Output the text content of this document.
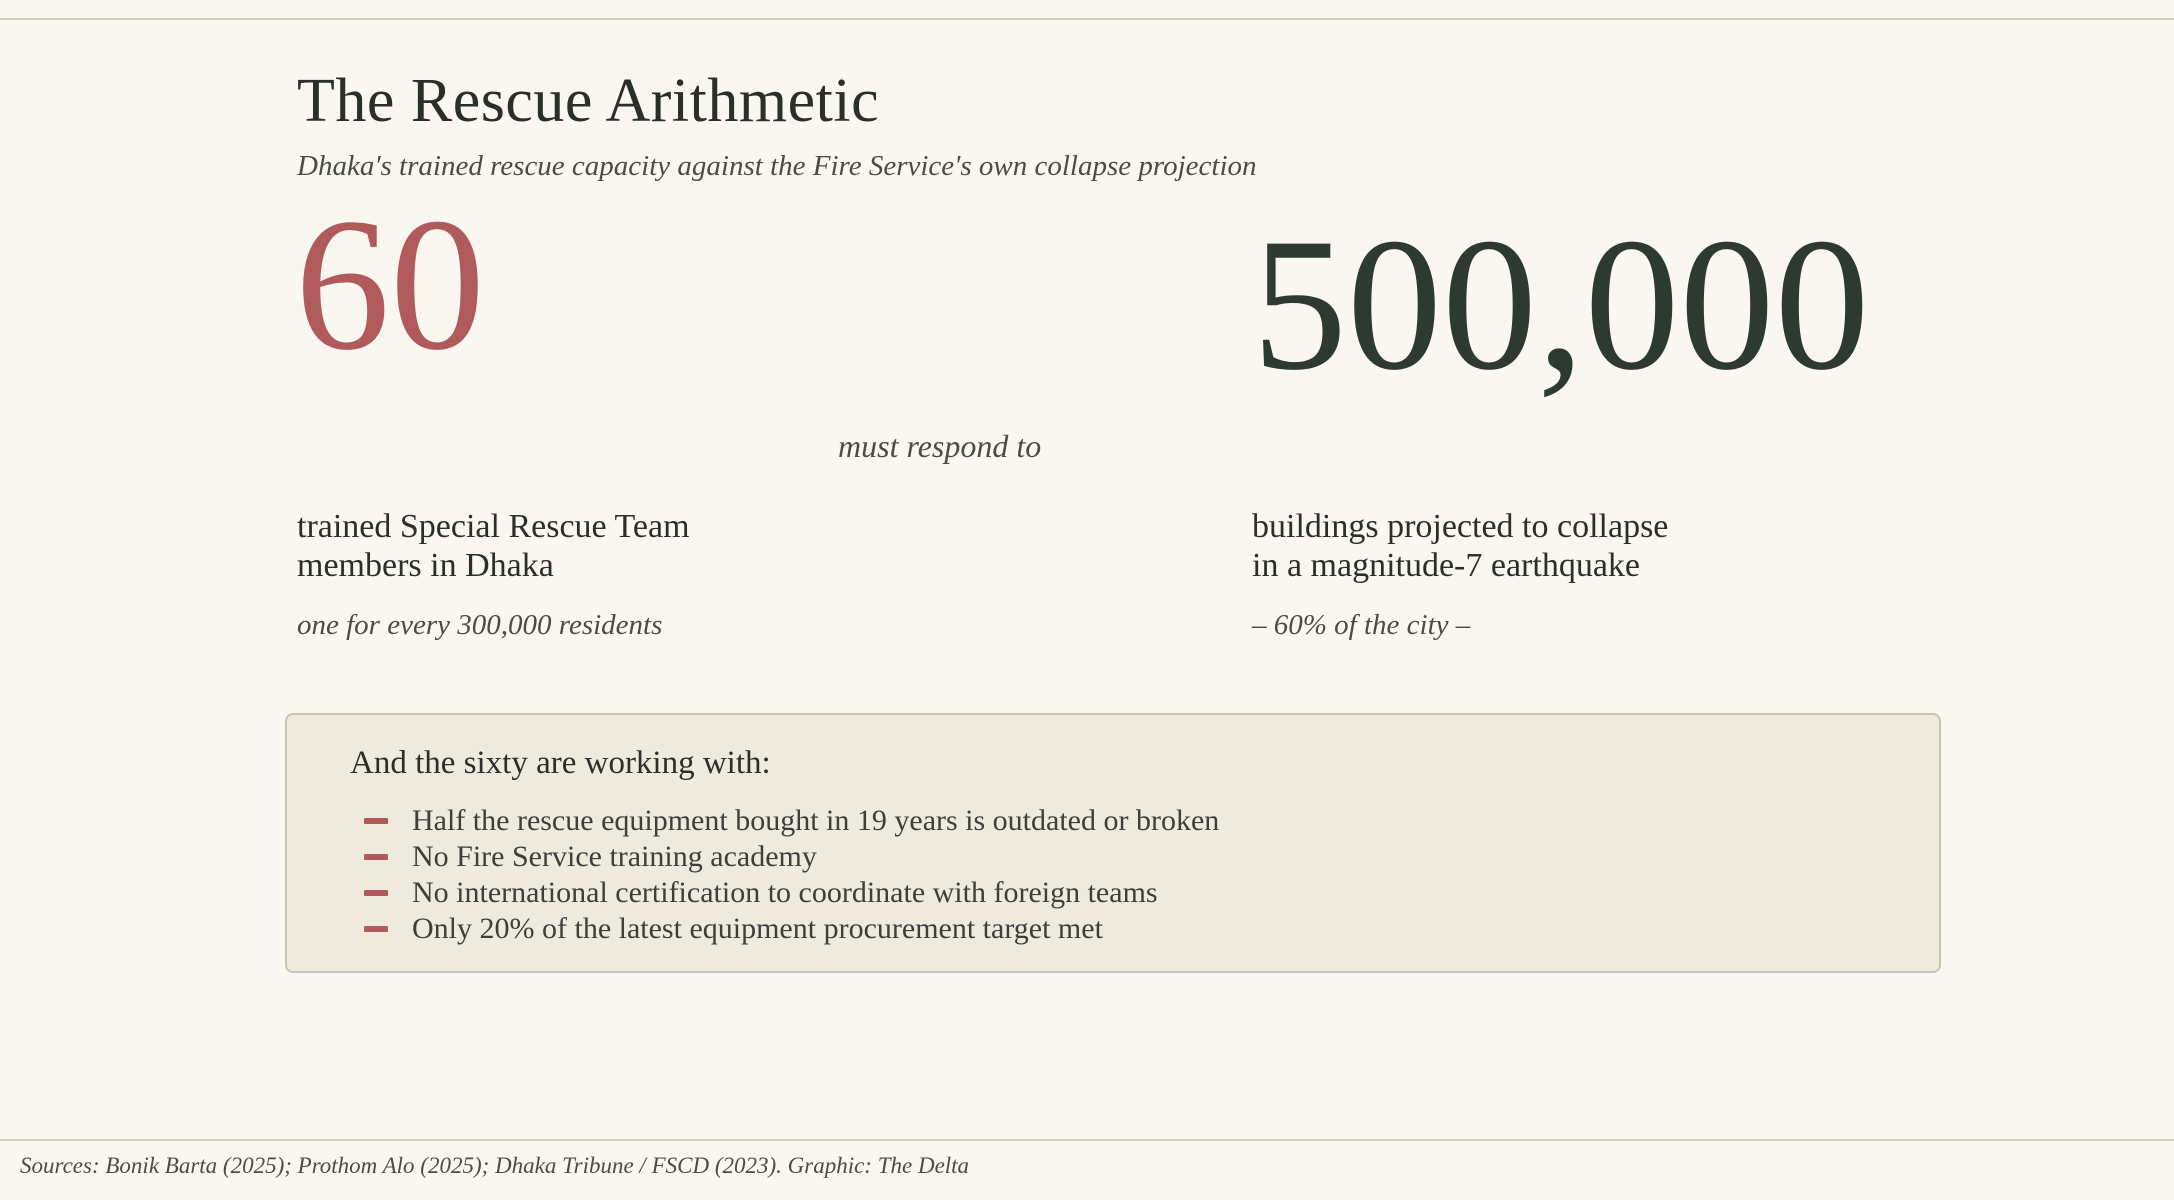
The Rescue Arithmetic
Dhaka's trained rescue capacity against the Fire Service's own collapse projection
60	500,000
must respond to
trained Special Rescue Team
members in Dhaka
buildings projected to collapse
in a magnitude-7 earthquake
one for every 300,000 residents	– 60% of the city –
And the sixty are working with:
Half the rescue equipment bought in 19 years is outdated or broken
No Fire Service training academy
No international certification to coordinate with foreign teams
Only 20% of the latest equipment procurement target met
Sources: Bonik Barta (2025); Prothom Alo (2025); Dhaka Tribune / FSCD (2023). Graphic: The Delta
